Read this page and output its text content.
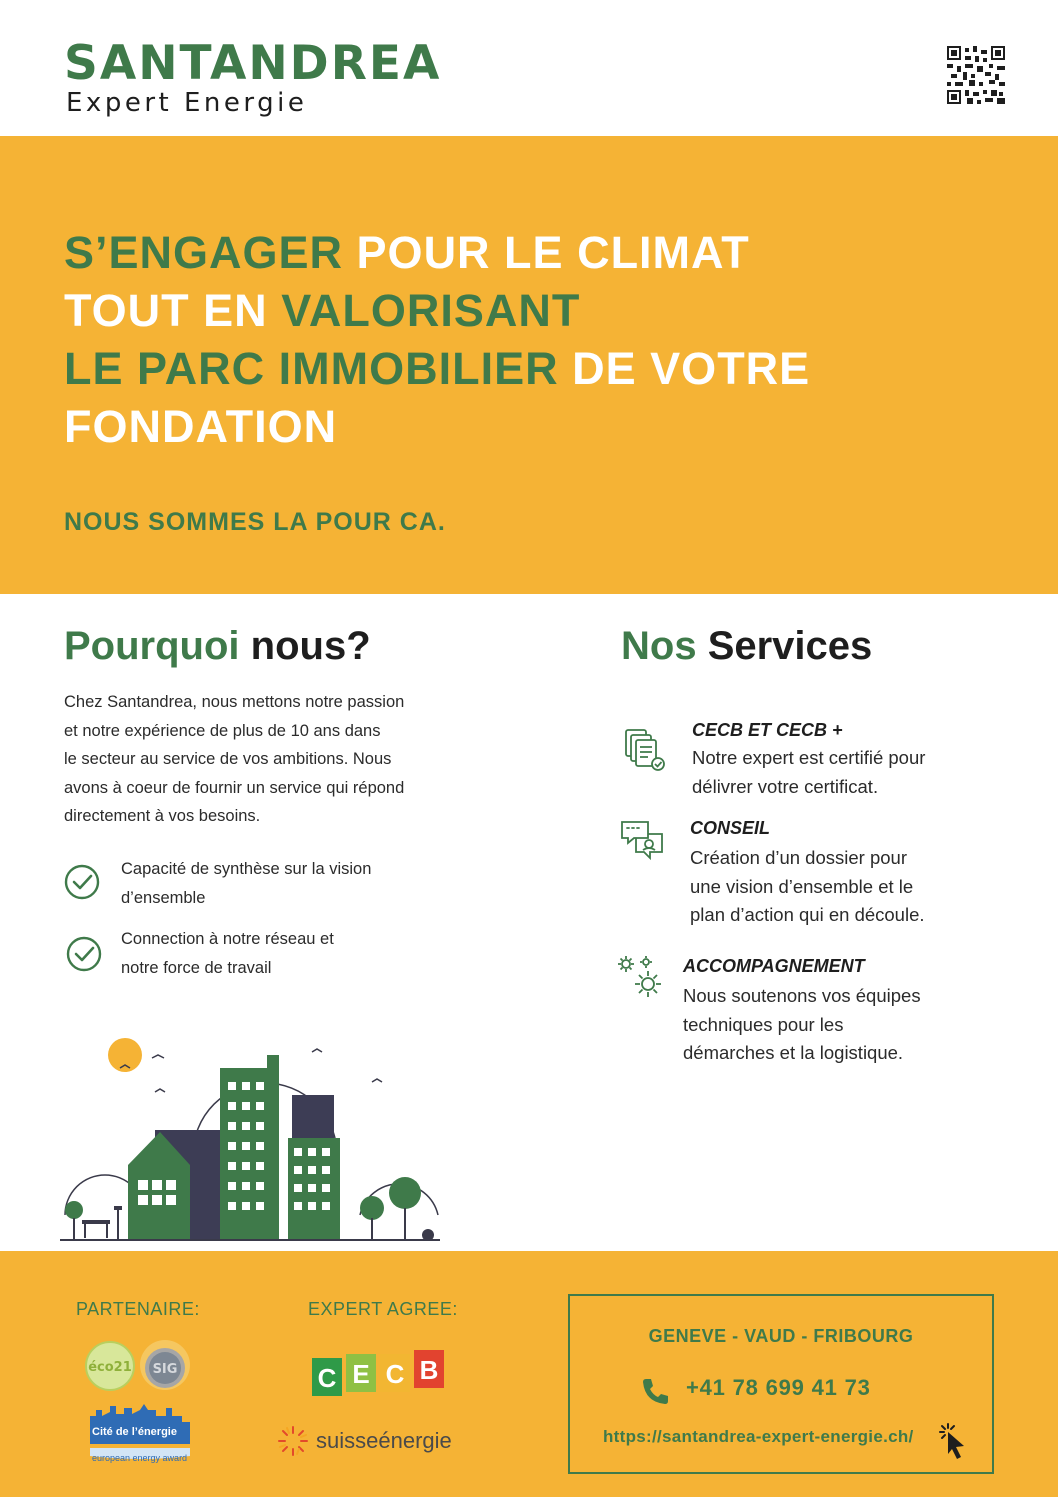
SANTANDREA
Expert Energie
S’ENGAGER POUR LE CLIMAT
TOUT EN VALORISANT
LE PARC IMMOBILIER DE VOTRE
FONDATION
NOUS SOMMES LA POUR CA.
Pourquoi nous?
Chez Santandrea, nous mettons notre passion
et notre expérience de plus de 10 ans dans
le secteur au service de vos ambitions. Nous
avons à coeur de fournir un service qui répond
directement à vos besoins.
Capacité de synthèse sur la vision
d’ensemble
Connection à notre réseau et
notre force de travail
Nos Services
CECB ET CECB +
Notre expert est certifié pour
délivrer votre certificat.
CONSEIL
Création d’un dossier pour
une vision d’ensemble et le
plan d’action qui en découle.
ACCOMPAGNEMENT
Nous soutenons vos équipes
techniques pour les
démarches et la logistique.
PARTENAIRE:	EXPERT AGREE:
GENEVE - VAUD - FRIBOURG
+41 78 699 41 73
https://santandrea-expert-energie.ch/
éco21 SIG
Cité de l’énergie
european energy award
C E C B
suisseénergie
